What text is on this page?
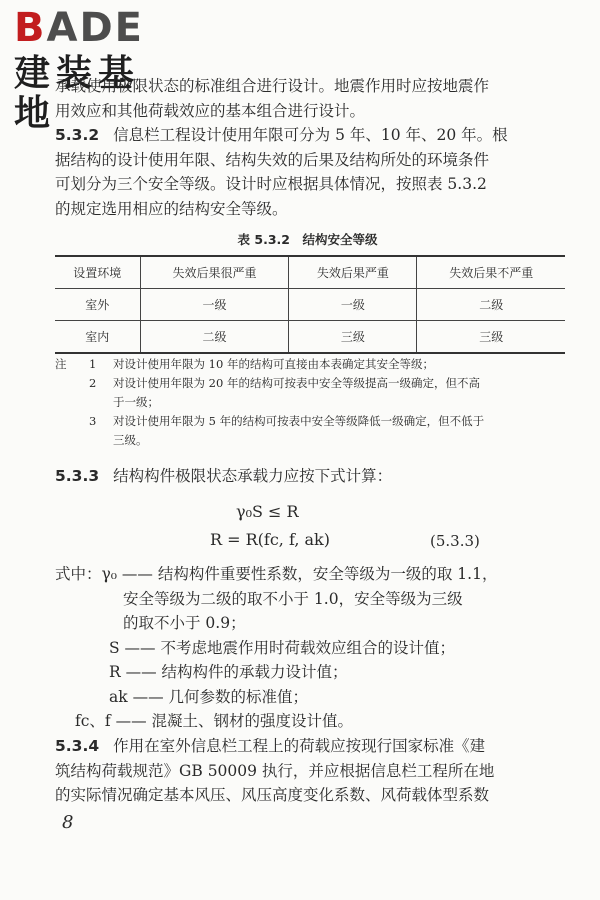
BADE
建装基地
承载使用极限状态的标准组合进行设计。地震作用时应按地震作
用效应和其他荷载效应的基本组合进行设计。
5.3.2 信息栏工程设计使用年限可分为 5 年、10 年、20 年。根
据结构的设计使用年限、结构失效的后果及结构所处的环境条件
可划分为三个安全等级。设计时应根据具体情况，按照表 5.3.2
的规定选用相应的结构安全等级。
表 5.3.2　结构安全等级
设置环境	失效后果很严重	失效后果严重	失效后果不严重
室外	一级	一级	二级
室内	二级	三级	三级
注 1 对设计使用年限为 10 年的结构可直接由本表确定其安全等级；
2 对设计使用年限为 20 年的结构可按表中安全等级提高一级确定，但不高
于一级；
3 对设计使用年限为 5 年的结构可按表中安全等级降低一级确定，但不低于
三级。
5.3.3 结构构件极限状态承载力应按下式计算：
γ₀S ≤ R
R = R(fc, f, ak)	(5.3.3)
式中：γ₀ —— 结构构件重要性系数，安全等级为一级的取 1.1，
安全等级为二级的取不小于 1.0，安全等级为三级
的取不小于 0.9；
S —— 不考虑地震作用时荷载效应组合的设计值；
R —— 结构构件的承载力设计值；
ak —— 几何参数的标准值；
fc、f —— 混凝土、钢材的强度设计值。
5.3.4 作用在室外信息栏工程上的荷载应按现行国家标准《建
筑结构荷载规范》GB 50009 执行，并应根据信息栏工程所在地
的实际情况确定基本风压、风压高度变化系数、风荷载体型系数
8
